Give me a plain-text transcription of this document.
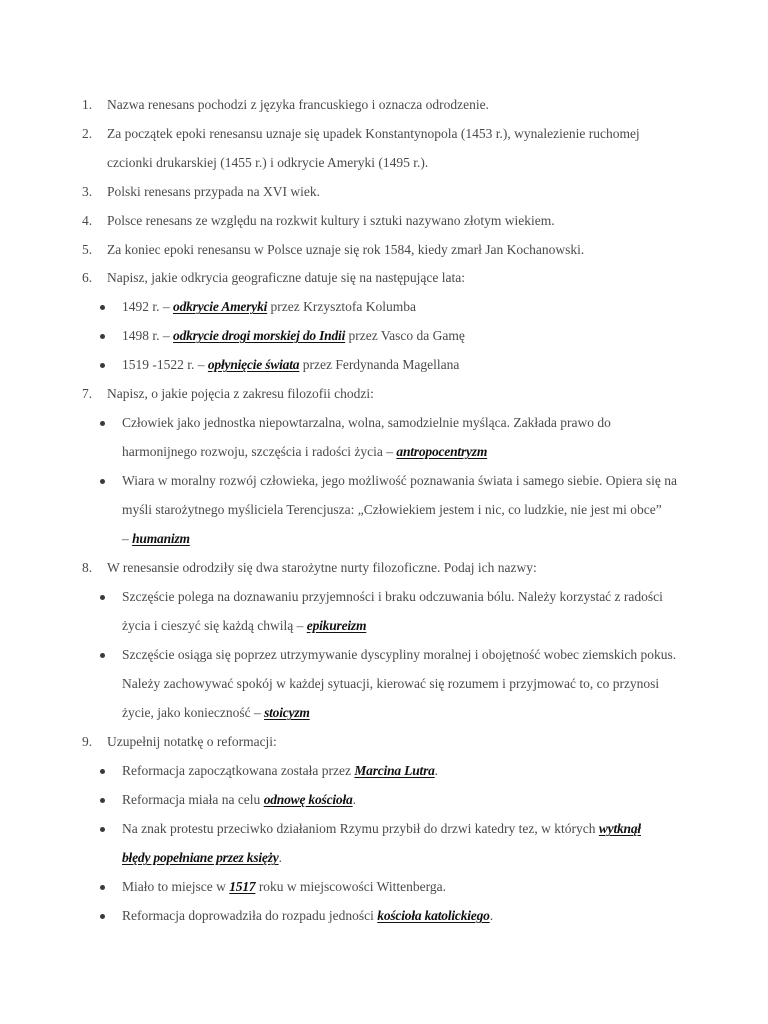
1. Nazwa renesans pochodzi z języka francuskiego i oznacza odrodzenie.
2. Za początek epoki renesansu uznaje się upadek Konstantynopola (1453 r.), wynalezienie ruchomej
czcionki drukarskiej (1455 r.) i odkrycie Ameryki (1495 r.).
3. Polski renesans przypada na XVI wiek.
4. Polsce renesans ze względu na rozkwit kultury i sztuki nazywano złotym wiekiem.
5. Za koniec epoki renesansu w Polsce uznaje się rok 1584, kiedy zmarł Jan Kochanowski.
6. Napisz, jakie odkrycia geograficzne datuje się na następujące lata:
1492 r. – odkrycie Ameryki przez Krzysztofa Kolumba
1498 r. – odkrycie drogi morskiej do Indii przez Vasco da Gamę
1519 -1522 r. – opłynięcie świata przez Ferdynanda Magellana
7. Napisz, o jakie pojęcia z zakresu filozofii chodzi:
Człowiek jako jednostka niepowtarzalna, wolna, samodzielnie myśląca. Zakłada prawo do
harmonijnego rozwoju, szczęścia i radości życia – antropocentryzm
Wiara w moralny rozwój człowieka, jego możliwość poznawania świata i samego siebie. Opiera się na
myśli starożytnego myśliciela Terencjusza: „Człowiekiem jestem i nic, co ludzkie, nie jest mi obce”
– humanizm
8. W renesansie odrodziły się dwa starożytne nurty filozoficzne. Podaj ich nazwy:
Szczęście polega na doznawaniu przyjemności i braku odczuwania bólu. Należy korzystać z radości
życia i cieszyć się każdą chwilą – epikureizm
Szczęście osiąga się poprzez utrzymywanie dyscypliny moralnej i obojętność wobec ziemskich pokus.
Należy zachowywać spokój w każdej sytuacji, kierować się rozumem i przyjmować to, co przynosi
życie, jako konieczność – stoicyzm
9. Uzupełnij notatkę o reformacji:
Reformacja zapoczątkowana została przez Marcina Lutra.
Reformacja miała na celu odnowę kościoła.
Na znak protestu przeciwko działaniom Rzymu przybił do drzwi katedry tez, w których wytknął
błędy popełniane przez księży.
Miało to miejsce w 1517 roku w miejscowości Wittenberga.
Reformacja doprowadziła do rozpadu jedności kościoła katolickiego.
